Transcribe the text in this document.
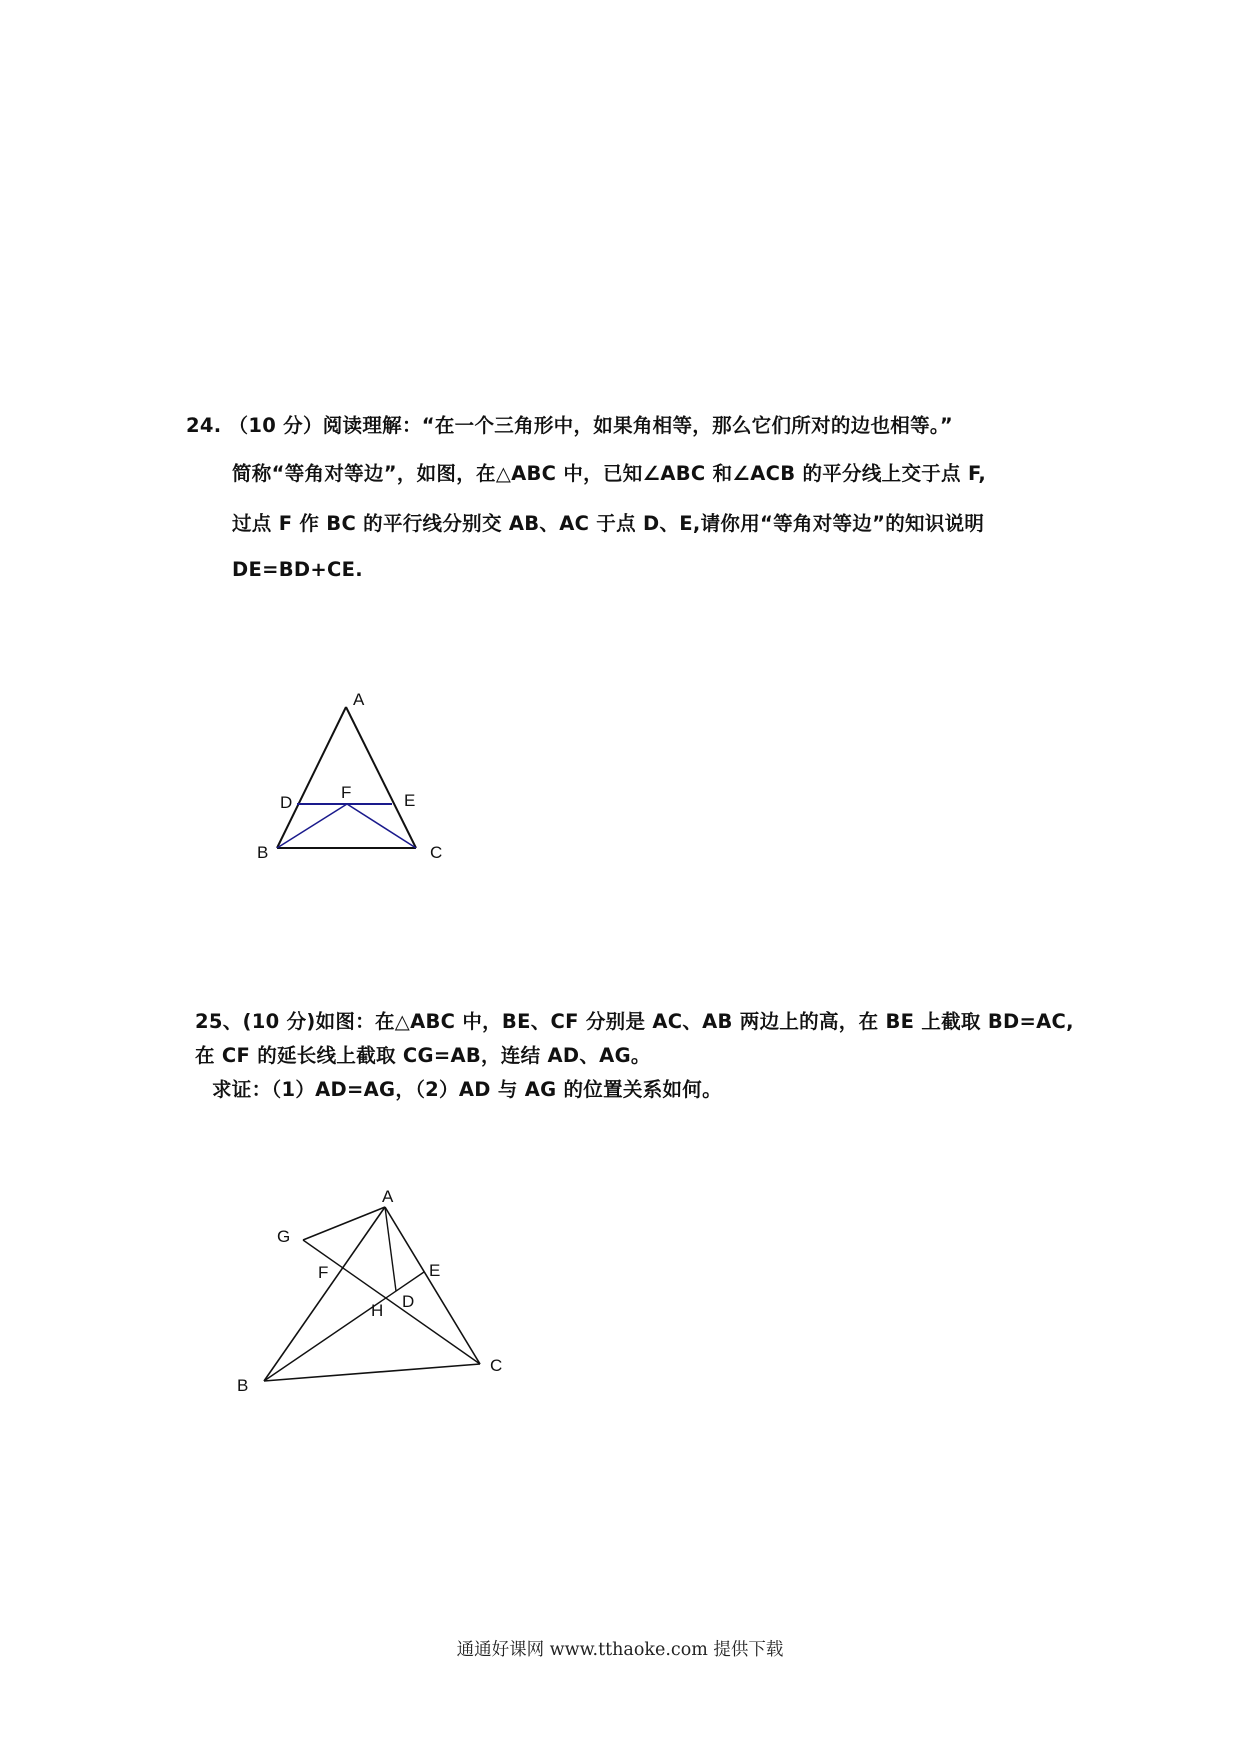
24. （10 分）阅读理解：“在一个三角形中，如果角相等，那么它们所对的边也相等。”
简称“等角对等边”，如图，在△ABC 中，已知∠ABC 和∠ACB 的平分线上交于点 F,
过点 F 作 BC 的平行线分别交 AB、AC 于点 D、E,请你用“等角对等边”的知识说明
DE=BD+CE.
A
D
F	E
B	C
25、(10 分)如图：在△ABC 中，BE、CF 分别是 AC、AB 两边上的高，在 BE 上截取 BD=AC,
在 CF 的延长线上截取 CG=AB，连结 AD、AG。
求证：（1）AD=AG，（2）AD 与 AG 的位置关系如何。
A
G
F	E
D
H
B
C
通通好课网 www.tthaoke.com 提供下载
